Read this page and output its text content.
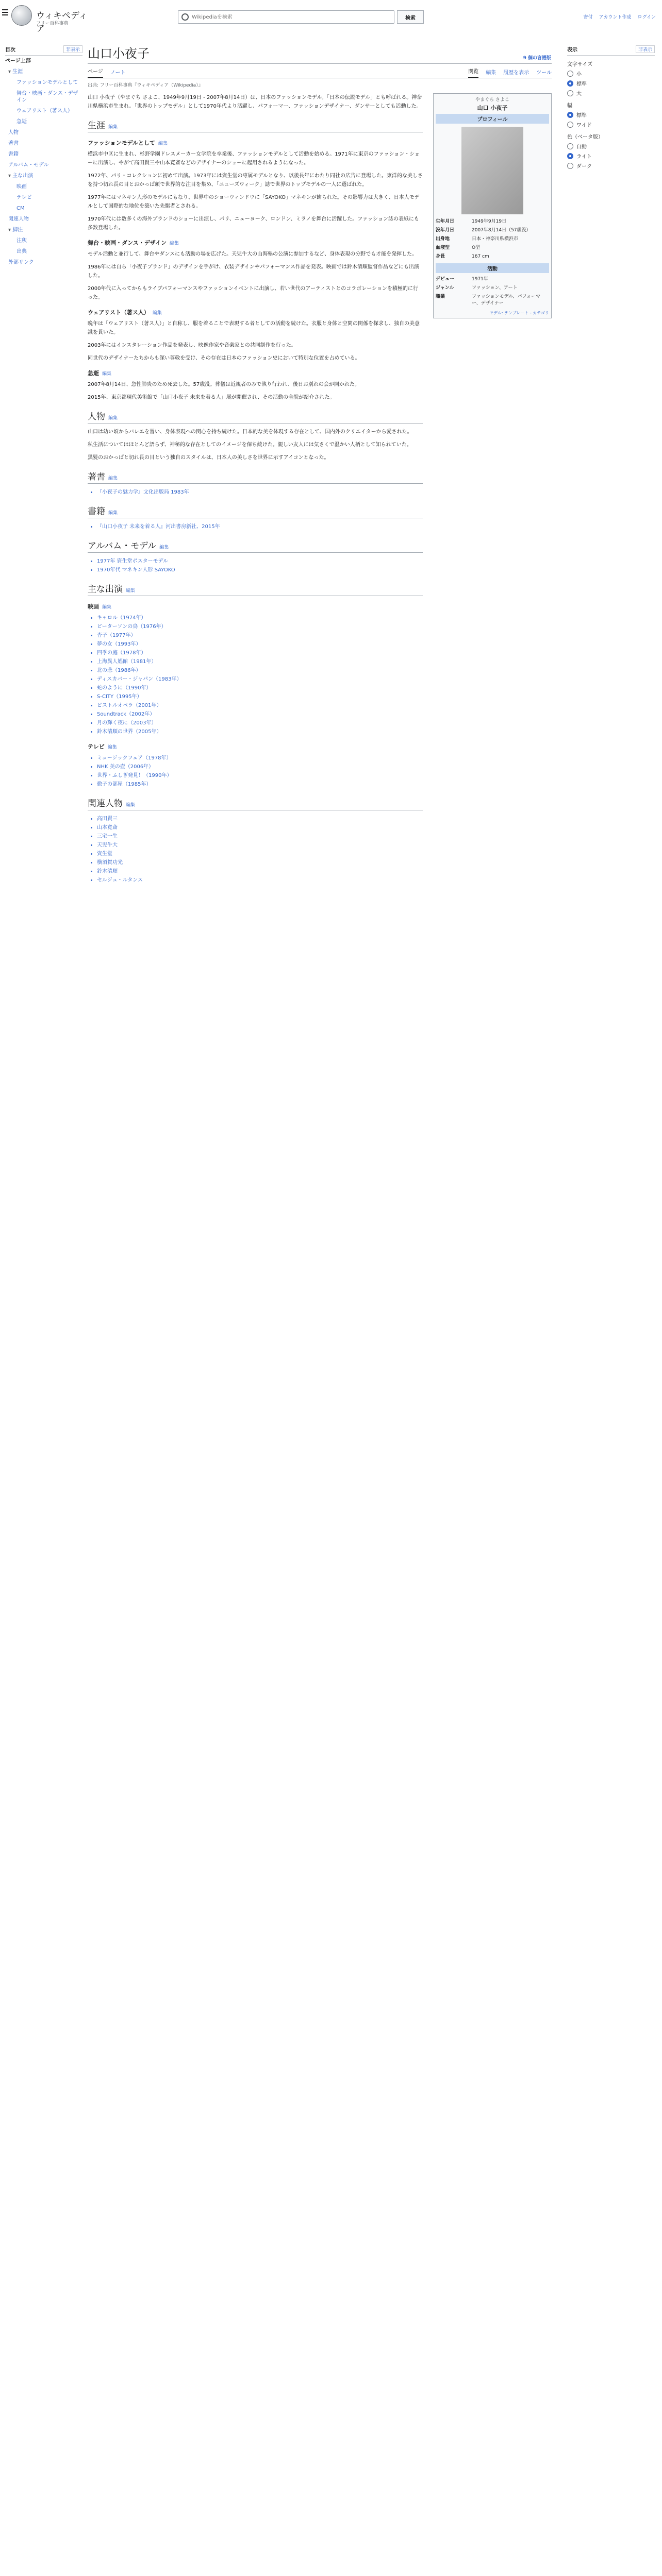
ウィキペディア
フリー百科事典
Wikipediaを検索
検索	寄付 アカウント作成 ログイン
目次	非表示
ページ上部
▾ 生涯
ファッションモデルとして
舞台・映画・ダンス・デザイン
ウェアリスト（著ス人）
急逝
人物
著書
書籍
アルバム・モデル
▾ 主な出演
映画
テレビ
CM
関連人物
▾ 脚注
注釈
出典
外部リンク
山口小夜子	9 個の言語版
ページ ノート	閲覧 編集 履歴を表示 ツール
出典: フリー百科事典『ウィキペディア（Wikipedia）』
やまぐち さよこ
山口 小夜子
プロフィール
生年月日	1949年9月19日
没年月日	2007年8月14日（57歳没）
出身地	日本・神奈川県横浜市
血液型	O型
身長	167 cm
活動
デビュー	1971年
ジャンル	ファッション、アート
職業	ファッションモデル、パフォーマー、デザイナー
モデル: テンプレート - カテゴリ

山口 小夜子（やまぐち さよこ、1949年9月19日 - 2007年8月14日）は、日本のファッションモデル。「日本の伝説モデル」とも呼ばれる。神奈川県横浜市生まれ。「世界のトップモデル」として1970年代より活躍し、パフォーマー、ファッションデザイナー、ダンサーとしても活動した。

生涯 編集
ファッションモデルとして 編集

横浜市中区に生まれ、杉野学園ドレスメーカー女学院を卒業後、ファッションモデルとして活動を始める。1971年に東京のファッション・ショーに出演し、やがて高田賢三や山本寛斎などのデザイナーのショーに起用されるようになった。

1972年、パリ・コレクションに初めて出演。1973年には資生堂の専属モデルとなり、以後長年にわたり同社の広告に登場した。東洋的な美しさを持つ切れ長の目とおかっぱ頭で世界的な注目を集め、「ニューズウィーク」誌で世界のトップモデルの一人に選ばれた。

1977年にはマネキン人形のモデルにもなり、世界中のショーウィンドウに「SAYOKO」マネキンが飾られた。その影響力は大きく、日本人モデルとして国際的な地位を築いた先駆者とされる。

1970年代には数多くの海外ブランドのショーに出演し、パリ、ニューヨーク、ロンドン、ミラノを舞台に活躍した。ファッション誌の表紙にも多数登場した。

舞台・映画・ダンス・デザイン 編集

モデル活動と並行して、舞台やダンスにも活動の場を広げた。天児牛大の山海塾の公演に参加するなど、身体表現の分野でも才能を発揮した。

1986年には自ら「小夜子ブランド」のデザインを手がけ、衣装デザインやパフォーマンス作品を発表。映画では鈴木清順監督作品などにも出演した。

2000年代に入ってからもライブパフォーマンスやファッションイベントに出演し、若い世代のアーティストとのコラボレーションを積極的に行った。

ウェアリスト（著ス人） 編集

晩年は「ウェアリスト（著ス人）」と自称し、服を着ることで表現する者としての活動を続けた。衣服と身体と空間の関係を探求し、独自の美意識を貫いた。

2003年にはインスタレーション作品を発表し、映像作家や音楽家との共同制作を行った。

同世代のデザイナーたちからも深い尊敬を受け、その存在は日本のファッション史において特別な位置を占めている。

急逝 編集

2007年8月14日、急性肺炎のため死去した。57歳没。葬儀は近親者のみで執り行われ、後日お別れの会が開かれた。

2015年、東京都現代美術館で「山口小夜子 未来を着る人」展が開催され、その活動の全貌が紹介された。

人物 編集

山口は幼い頃からバレエを習い、身体表現への関心を持ち続けた。日本的な美を体現する存在として、国内外のクリエイターから愛された。

私生活についてはほとんど語らず、神秘的な存在としてのイメージを保ち続けた。親しい友人には気さくで温かい人柄として知られていた。

黒髪のおかっぱと切れ長の目という独自のスタイルは、日本人の美しさを世界に示すアイコンとなった。

著書 編集
• 『小夜子の魅力学』文化出版局 1983年
書籍 編集
• 『山口小夜子 未来を着る人』河出書房新社、2015年
アルバム・モデル 編集
• 1977年 資生堂ポスターモデル
• 1970年代 マネキン人形 SAYOKO
主な出演 編集
映画 編集
• キャロル（1974年）
• ピーターソンの鳥（1976年）
• 杳子（1977年）
• 夢の女（1993年）
• 四季の庭（1978年）
• 上海異人娼館（1981年）
• 北の悲（1986年）
• ディスカバー・ジャパン（1983年）
• 蛇のように（1990年）
• S-CITY（1995年）
• ピストルオペラ（2001年）
• Soundtrack（2002年）
• 月の輝く夜に（2003年）
• 鈴木清順の世界（2005年）
テレビ 編集
• ミュージックフェア（1978年）
• NHK 美の壺（2006年）
• 世界・ふしぎ発見！（1990年）
• 徹子の部屋（1985年）
関連人物 編集
• 高田賢三
• 山本寛斎
• 三宅一生
• 天児牛大
• 資生堂
• 横須賀功光
• 鈴木清順
• セルジュ・ルタンス
表示	非表示
文字サイズ
小
標準
大
幅
標準
ワイド
色（ベータ版）
自動
ライト
ダーク
